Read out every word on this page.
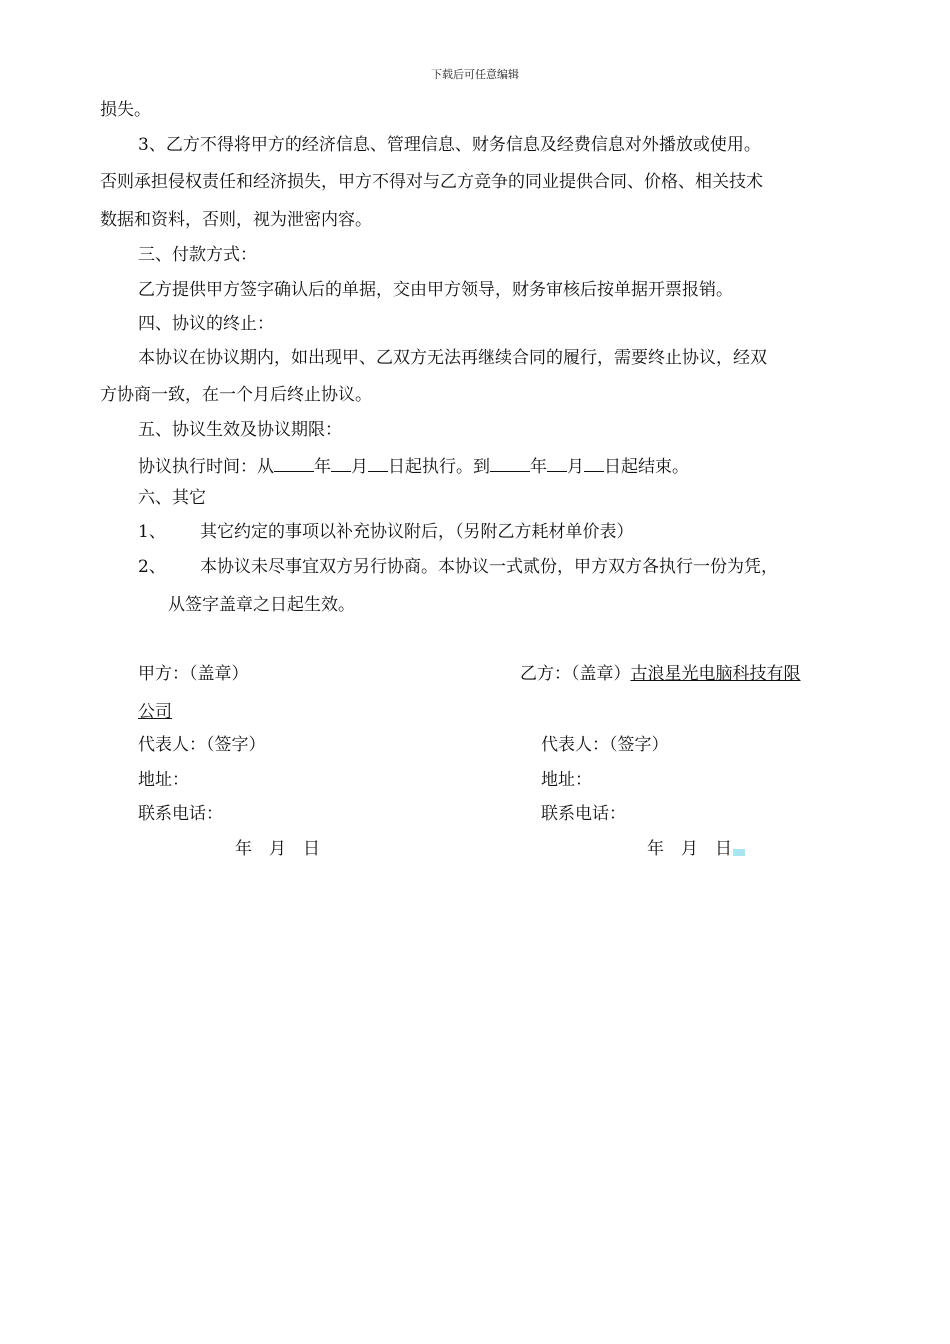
下载后可任意编辑
损失。
3、乙方不得将甲方的经济信息、管理信息、财务信息及经费信息对外播放或使用。
否则承担侵权责任和经济损失，甲方不得对与乙方竞争的同业提供合同、价格、相关技术
数据和资料，否则，视为泄密内容。
三、付款方式：
乙方提供甲方签字确认后的单据，交由甲方领导，财务审核后按单据开票报销。
四、协议的终止：
本协议在协议期内，如出现甲、乙双方无法再继续合同的履行，需要终止协议，经双
方协商一致，在一个月后终止协议。
五、协议生效及协议期限：
协议执行时间：从 年 月 日起执行。到 年 月 日起结束。
六、其它
1、 其它约定的事项以补充协议附后，（另附乙方耗材单价表）
2、 本协议未尽事宜双方另行协商。本协议一式贰份，甲方双方各执行一份为凭，
从签字盖章之日起生效。
甲方：（盖章）	乙方：（盖章）古浪星光电脑科技有限
公司
代表人：（签字）	代表人：（签字）
地址：	地址：
联系电话：	联系电话：
年　月　日	年　月　日
